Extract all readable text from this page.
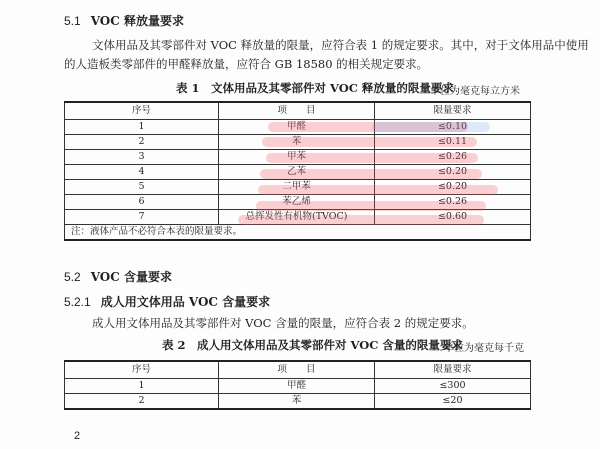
5.1 VOC 释放量要求
文体用品及其零部件对 VOC 释放量的限量，应符合表 1 的规定要求。其中，对于文体用品中使用
的人造板类零部件的甲醛释放量，应符合 GB 18580 的相关规定要求。
表 1　文体用品及其零部件对 VOC 释放量的限量要求
单位为毫克每立方米
序号	项　　目	限量要求
1	甲醛	≤0.10
2	苯	≤0.11
3	甲苯	≤0.26
4	乙苯	≤0.20
5	二甲苯	≤0.20
6	苯乙烯	≤0.26
7	总挥发性有机物(TVOC)	≤0.60
注：液体产品不必符合本表的限量要求。		
5.2 VOC 含量要求
5.2.1 成人用文体用品 VOC 含量要求
成人用文体用品及其零部件对 VOC 含量的限量，应符合表 2 的规定要求。
表 2　成人用文体用品及其零部件对 VOC 含量的限量要求
单位为毫克每千克
序号	项　　目	限量要求
1	甲醛	≤300
2	苯	≤20
2
